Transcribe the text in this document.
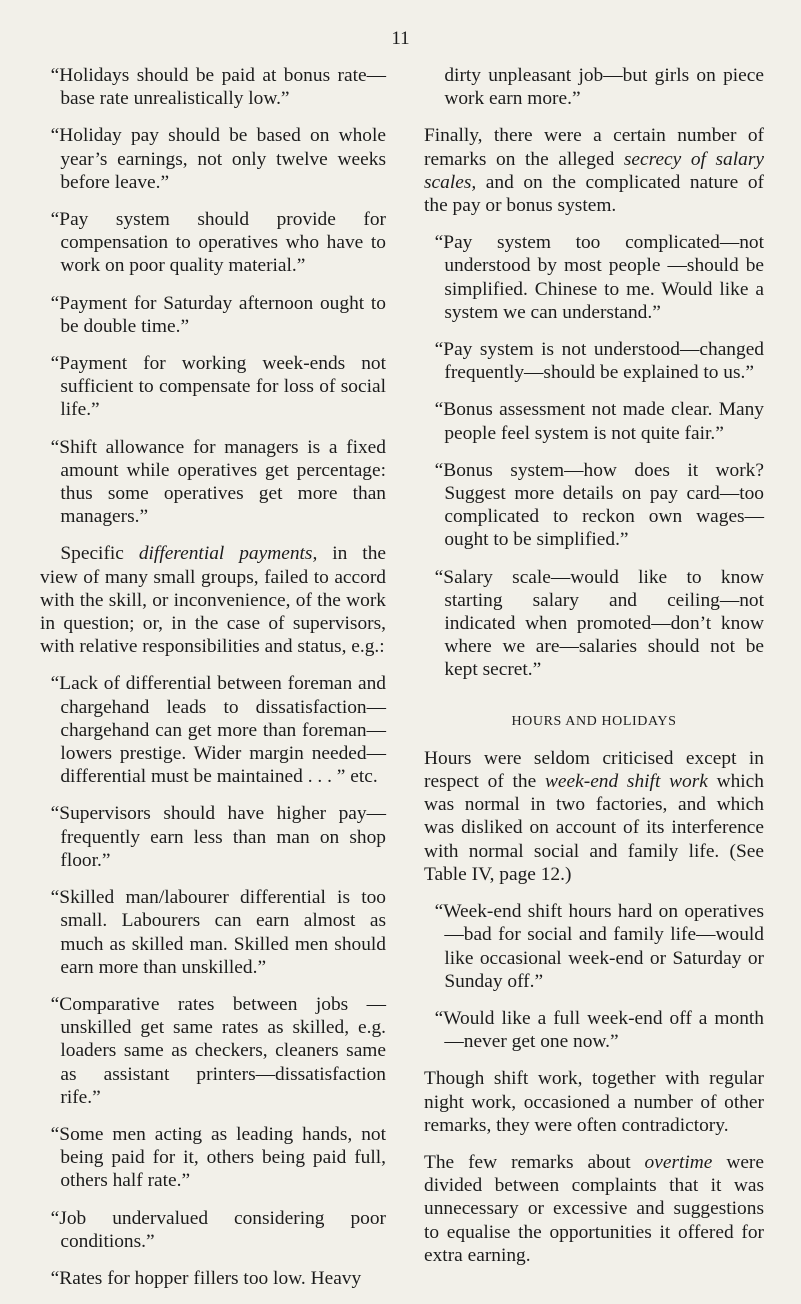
11

“Holidays should be paid at bonus rate—base rate unrealistically low.”

“Holiday pay should be based on whole year’s earnings, not only twelve weeks before leave.”

“Pay system should provide for compensation to operatives who have to work on poor quality material.”

“Payment for Saturday afternoon ought to be double time.”

“Payment for working week-ends not sufficient to compensate for loss of social life.”

“Shift allowance for managers is a fixed amount while operatives get percentage: thus some operatives get more than managers.”

Specific differential payments, in the view of many small groups, failed to accord with the skill, or inconvenience, of the work in question; or, in the case of supervisors, with relative responsibilities and status, e.g.:

“Lack of differential between foreman and chargehand leads to dissatisfaction—chargehand can get more than foreman—lowers prestige. Wider margin needed—differential must be maintained . . . ” etc.

“Supervisors should have higher pay—frequently earn less than man on shop floor.”

“Skilled man/labourer differential is too small. Labourers can earn almost as much as skilled man. Skilled men should earn more than unskilled.”

“Comparative rates between jobs — unskilled get same rates as skilled, e.g. loaders same as checkers, cleaners same as assistant printers—dissatisfaction rife.”

“Some men acting as leading hands, not being paid for it, others being paid full, others half rate.”

“Job undervalued considering poor conditions.”

“Rates for hopper fillers too low. Heavy

dirty unpleasant job—but girls on piece work earn more.”

Finally, there were a certain number of remarks on the alleged secrecy of salary scales, and on the complicated nature of the pay or bonus system.

“Pay system too complicated—not understood by most people —should be simplified. Chinese to me. Would like a system we can understand.”

“Pay system is not understood—changed frequently—should be explained to us.”

“Bonus assessment not made clear. Many people feel system is not quite fair.”

“Bonus system—how does it work? Suggest more details on pay card—too complicated to reckon own wages—ought to be simplified.”

“Salary scale—would like to know starting salary and ceiling—not indicated when promoted—don’t know where we are—salaries should not be kept secret.”

HOURS AND HOLIDAYS

Hours were seldom criticised except in respect of the week-end shift work which was normal in two factories, and which was disliked on account of its interference with normal social and family life. (See Table IV, page 12.)

“Week-end shift hours hard on operatives—bad for social and family life—would like occasional week-end or Saturday or Sunday off.”

“Would like a full week-end off a month—never get one now.”

Though shift work, together with regular night work, occasioned a number of other remarks, they were often contradictory.

The few remarks about overtime were divided between complaints that it was unnecessary or excessive and suggestions to equalise the opportunities it offered for extra earning.
